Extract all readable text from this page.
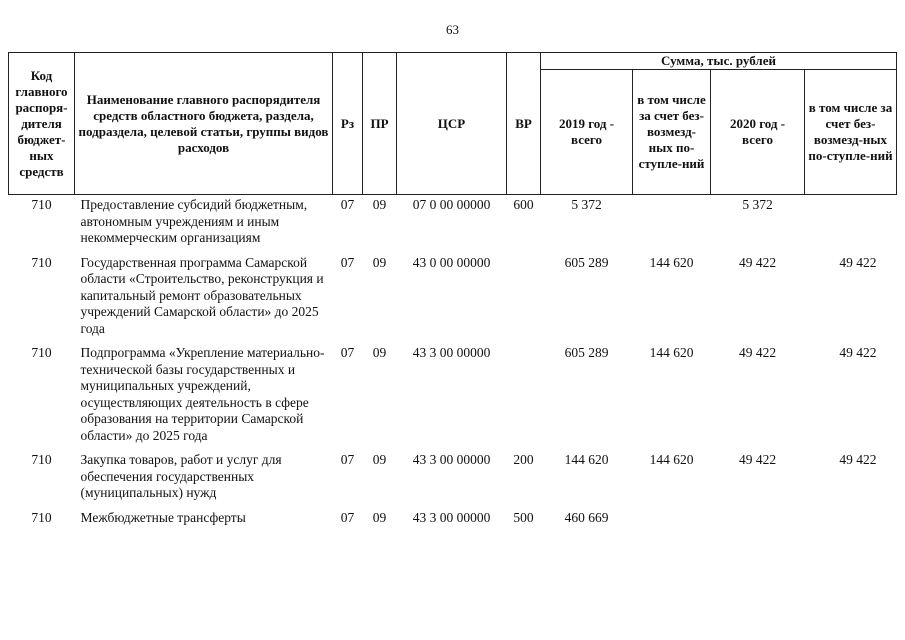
63
Код главного распоря-дителя бюджет-ных средств	Наименование главного распорядителя средств областного бюджета, раздела, подраздела, целевой статьи, группы видов расходов	Рз	ПР	ЦСР	ВР	Сумма, тыс. рублей			
						2019 год - всего	в том числе за счет без-возмезд-ных по-ступле-ний	2020 год - всего	в том числе за счет без-возмезд-ных по-ступле-ний
710	Предоставление субсидий бюджетным, автономным учреждениям и иным некоммерческим организациям	07	09	07 0 00 00000	600	5 372		5 372	
710	Государственная программа Самарской области «Строительство, реконструкция и капитальный ремонт образовательных учреждений Самарской области» до 2025 года	07	09	43 0 00 00000		605 289	144 620	49 422	49 422
710	Подпрограмма «Укрепление материально-технической базы государственных и муниципальных учреждений, осуществляющих деятельность в сфере образования на территории Самарской области» до 2025 года	07	09	43 3 00 00000		605 289	144 620	49 422	49 422
710	Закупка товаров, работ и услуг для обеспечения государственных (муниципальных) нужд	07	09	43 3 00 00000	200	144 620	144 620	49 422	49 422
710	Межбюджетные трансферты	07	09	43 3 00 00000	500	460 669			
